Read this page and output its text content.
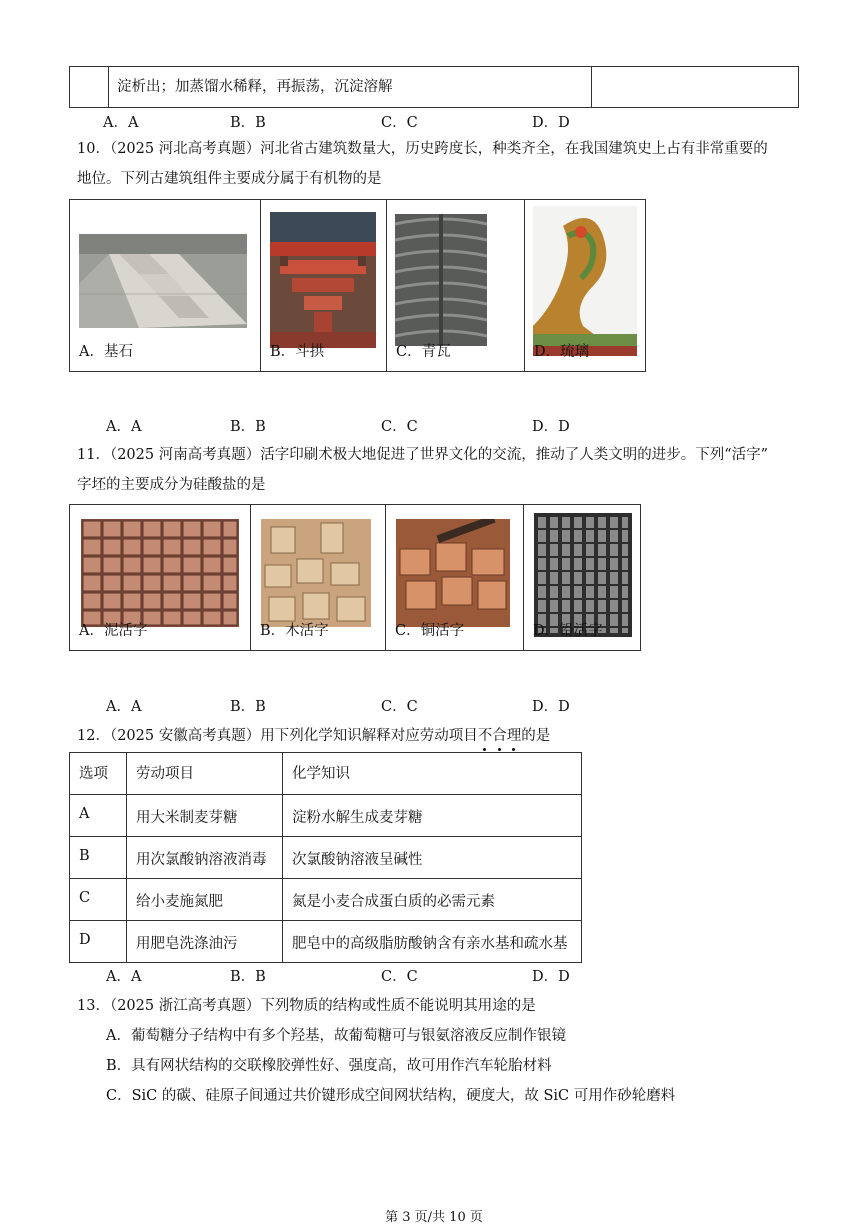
	淀析出；加蒸馏水稀释，再振荡，沉淀溶解	
A．A	B．B	C．C	D．D
10．（2025 河北高考真题）河北省古建筑数量大，历史跨度长，种类齐全，在我国建筑史上占有非常重要的
地位。下列古建筑组件主要成分属于有机物的是
A．基石	B．斗拱	C．青瓦	D．琉璃

A．A	B．B	C．C	D．D
11．（2025 河南高考真题）活字印刷术极大地促进了世界文化的交流，推动了人类文明的进步。下列“活字”
字坯的主要成分为硅酸盐的是
A．泥活字	B．木活字	C．铜活字	D．铅活字

A．A	B．B	C．C	D．D
12．（2025 安徽高考真题）用下列化学知识解释对应劳动项目不合理的是
选项	劳动项目	化学知识
A	用大米制麦芽糖	淀粉水解生成麦芽糖
B	用次氯酸钠溶液消毒	次氯酸钠溶液呈碱性
C	给小麦施氮肥	氮是小麦合成蛋白质的必需元素
D	用肥皂洗涤油污	肥皂中的高级脂肪酸钠含有亲水基和疏水基
A．A	B．B	C．C	D．D
13．（2025 浙江高考真题）下列物质的结构或性质不能说明其用途的是
A．葡萄糖分子结构中有多个羟基，故葡萄糖可与银氨溶液反应制作银镜
B．具有网状结构的交联橡胶弹性好、强度高，故可用作汽车轮胎材料
C．SiC 的碳、硅原子间通过共价键形成空间网状结构，硬度大，故 SiC 可用作砂轮磨料
第 3 页/共 10 页
